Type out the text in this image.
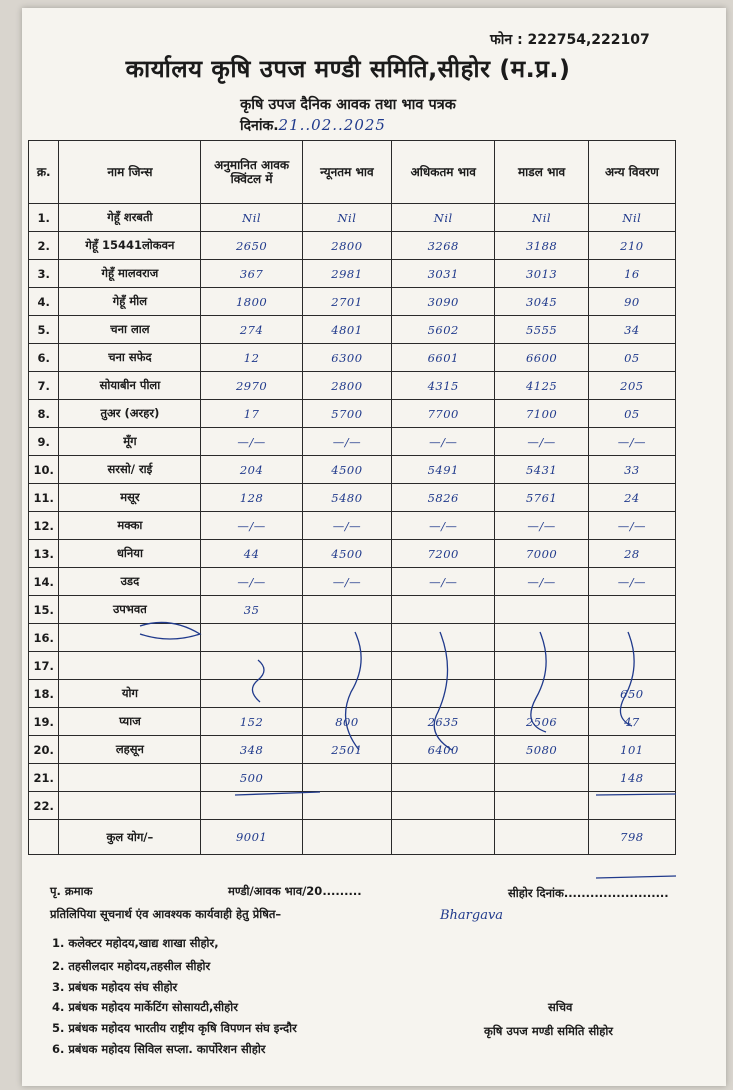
फोन : 222754,222107
कार्यालय कृषि उपज मण्डी समिति,सीहोर (म.प्र.)
कृषि उपज दैनिक आवक तथा भाव पत्रक
दिनांक.21..02..2025
क्र.	नाम जिन्स	अनुमानित आवक क्विंटल में	न्यूनतम भाव	अधिकतम भाव	माडल भाव	अन्य विवरण
1.	गेहूँ शरबती	Nil	Nil	Nil	Nil	Nil
2.	गेहूँ 15441लोकवन	2650	2800	3268	3188	210
3.	गेहूँ मालवराज	367	2981	3031	3013	16
4.	गेहूँ मील	1800	2701	3090	3045	90
5.	चना लाल	274	4801	5602	5555	34
6.	चना सफेद	12	6300	6601	6600	05
7.	सोयाबीन पीला	2970	2800	4315	4125	205
8.	तुअर (अरहर)	17	5700	7700	7100	05
9.	मूँग	—/—	—/—	—/—	—/—	—/—
10.	सरसो/ राई	204	4500	5491	5431	33
11.	मसूर	128	5480	5826	5761	24
12.	मक्का	—/—	—/—	—/—	—/—	—/—
13.	धनिया	44	4500	7200	7000	28
14.	उडद	—/—	—/—	—/—	—/—	—/—
15.	उपभवत	35				
16.						
17.						
18.	योग					650
19.	प्याज	152	800	2635	2506	47
20.	लहसून	348	2501	6400	5080	101
21.		500				148
22.						
	कुल योग/–	9001				798
पृ. क्रमाक	मण्डी/आवक भाव/20.........	सीहोर दिनांक........................
प्रतिलिपिया सूचनार्थ एंव आवश्यक कार्यवाही हेतु प्रेषित–	Bhargava
1. कलेक्टर महोदय,खाद्य शाखा सीहोर,
2. तहसीलदार महोदय,तहसील सीहोर
3. प्रबंधक महोदय संघ सीहोर
4. प्रबंधक महोदय मार्केटिंग सोसायटी,सीहोर
5. प्रबंधक महोदय भारतीय राष्ट्रीय कृषि विपणन संघ इन्दौर
6. प्रबंधक महोदय सिविल सप्ला. कार्पोरेशन सीहोर
सचिव
कृषि उपज मण्डी समिति सीहोर
